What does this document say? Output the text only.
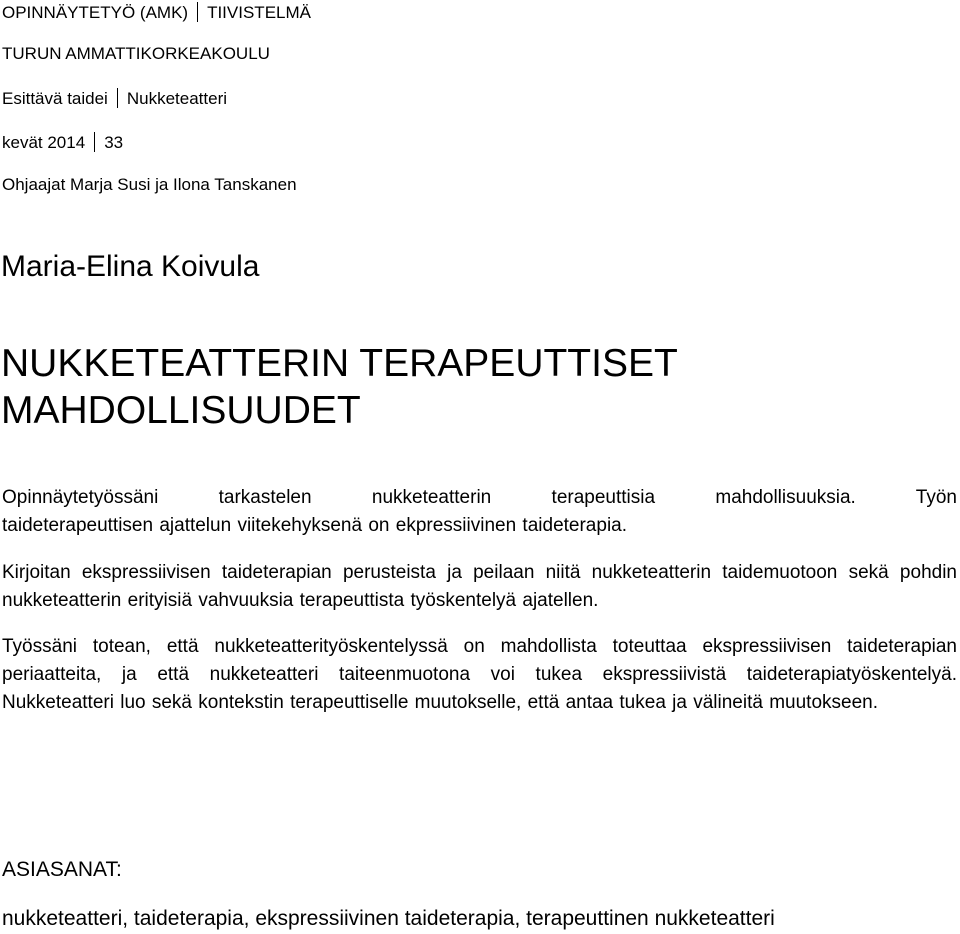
OPINNÄYTETYÖ (AMK) TIIVISTELMÄ
TURUN AMMATTIKORKEAKOULU
Esittävä taidei Nukketeatteri
kevät 2014 33
Ohjaajat Marja Susi ja Ilona Tanskanen
Maria-Elina Koivula
NUKKETEATTERIN TERAPEUTTISET
MAHDOLLISUUDET
Opinnäytetyössäni tarkastelen nukketeatterin terapeuttisia mahdollisuuksia. Työn
taideterapeuttisen ajattelun viitekehyksenä on ekpressiivinen taideterapia.
Kirjoitan ekspressiivisen taideterapian perusteista ja peilaan niitä nukketeatterin taidemuotoon sekä pohdin nukketeatterin erityisiä vahvuuksia terapeuttista työskentelyä ajatellen.
Työssäni totean, että nukketeatterityöskentelyssä on mahdollista toteuttaa ekspressiivisen taideterapian periaatteita, ja että nukketeatteri taiteenmuotona voi tukea ekspressiivistä taideterapiatyöskentelyä. Nukketeatteri luo sekä kontekstin terapeuttiselle muutokselle, että antaa tukea ja välineitä muutokseen.
ASIASANAT:
nukketeatteri, taideterapia, ekspressiivinen taideterapia, terapeuttinen nukketeatteri
